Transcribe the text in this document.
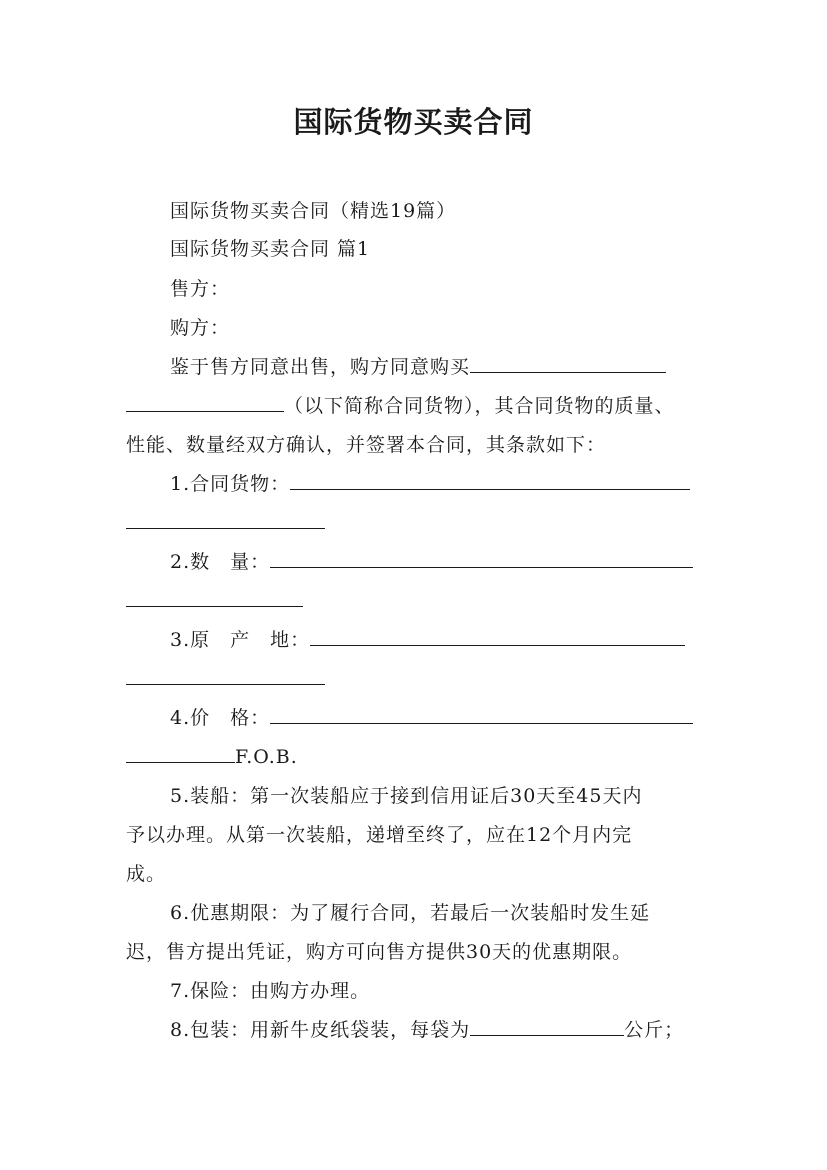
国际货物买卖合同
国际货物买卖合同（精选19篇）
国际货物买卖合同 篇1
售方：
购方：
鉴于售方同意出售，购方同意购买
（以下简称合同货物），其合同货物的质量、
性能、数量经双方确认，并签署本合同，其条款如下：
1.合同货物：
2.数　量：
3.原　产　地：
4.价　格：
F.O.B.
5.装船：第一次装船应于接到信用证后30天至45天内
予以办理。从第一次装船，递增至终了，应在12个月内完
成。
6.优惠期限：为了履行合同，若最后一次装船时发生延
迟，售方提出凭证，购方可向售方提供30天的优惠期限。
7.保险：由购方办理。
8.包装：用新牛皮纸袋装，每袋为	公斤；
